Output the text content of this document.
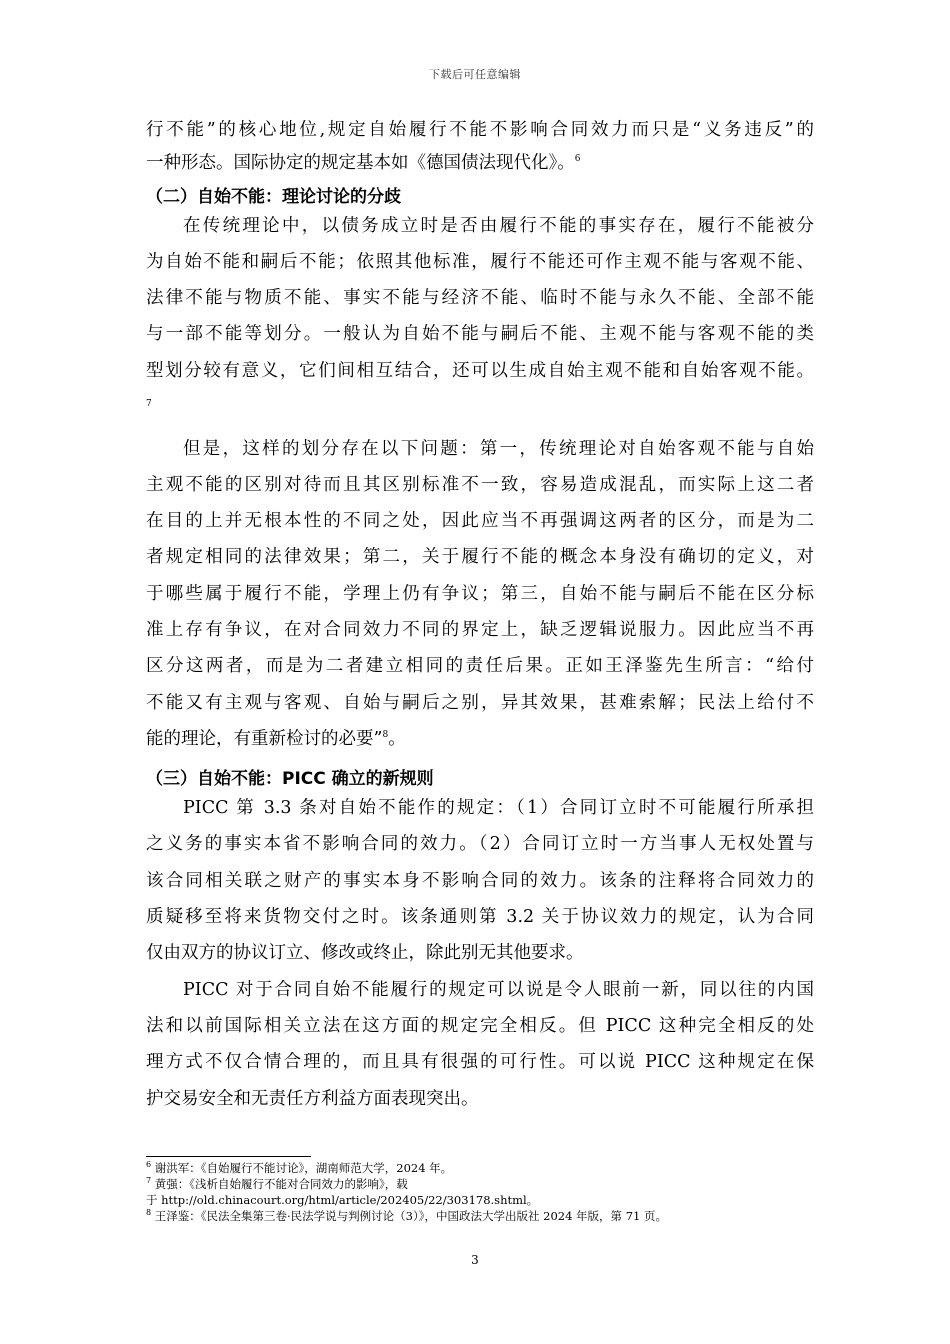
下载后可任意编辑
行不能”的核心地位,规定自始履行不能不影响合同效力而只是“义务违反”的
一种形态。国际协定的规定基本如《德国债法现代化》。$^6$
（二）自始不能：理论讨论的分歧
在传统理论中，以债务成立时是否由履行不能的事实存在，履行不能被分
为自始不能和嗣后不能；依照其他标准，履行不能还可作主观不能与客观不能、
法律不能与物质不能、事实不能与经济不能、临时不能与永久不能、全部不能
与一部不能等划分。一般认为自始不能与嗣后不能、主观不能与客观不能的类
型划分较有意义，它们间相互结合，还可以生成自始主观不能和自始客观不能。
7
但是，这样的划分存在以下问题：第一，传统理论对自始客观不能与自始
主观不能的区别对待而且其区别标准不一致，容易造成混乱，而实际上这二者
在目的上并无根本性的不同之处，因此应当不再强调这两者的区分，而是为二
者规定相同的法律效果；第二，关于履行不能的概念本身没有确切的定义，对
于哪些属于履行不能，学理上仍有争议；第三，自始不能与嗣后不能在区分标
准上存有争议，在对合同效力不同的界定上，缺乏逻辑说服力。因此应当不再
区分这两者，而是为二者建立相同的责任后果。正如王泽鉴先生所言：“给付
不能又有主观与客观、自始与嗣后之别，异其效果，甚难索解；民法上给付不
能的理论，有重新检讨的必要”$^8$。
（三）自始不能：PICC 确立的新规则
PICC 第 3.3 条对自始不能作的规定：（1）合同订立时不可能履行所承担
之义务的事实本省不影响合同的效力。（2）合同订立时一方当事人无权处置与
该合同相关联之财产的事实本身不影响合同的效力。该条的注释将合同效力的
质疑移至将来货物交付之时。该条通则第 3.2 关于协议效力的规定，认为合同
仅由双方的协议订立、修改或终止，除此别无其他要求。
PICC 对于合同自始不能履行的规定可以说是令人眼前一新，同以往的内国
法和以前国际相关立法在这方面的规定完全相反。但 PICC 这种完全相反的处
理方式不仅合情合理的，而且具有很强的可行性。可以说 PICC 这种规定在保
护交易安全和无责任方利益方面表现突出。
$^6$ 谢洪军：《自始履行不能讨论》，湖南师范大学，2024 年。
$^7$ 黄强：《浅析自始履行不能对合同效力的影响》，载
于 http://old.chinacourt.org/html/article/202405/22/303178.shtml。
$^8$ 王泽鉴：《民法全集第三卷·民法学说与判例讨论（3）》，中国政法大学出版社 2024 年版，第 71 页。
3
